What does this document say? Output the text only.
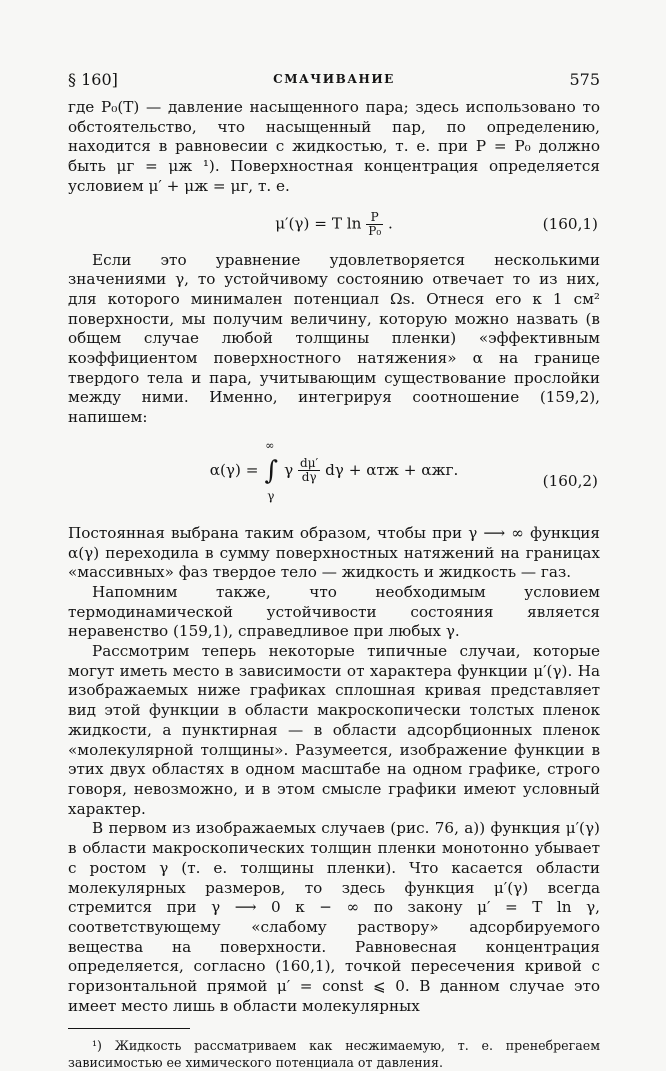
§ 160]	СМАЧИВАНИЕ	575

где P₀(T) — давление насыщенного пара; здесь использовано то обстоятельство, что насыщенный пар, по определению, находится в равновесии с жидкостью, т. е. при P = P₀ должно быть μг = μж ¹). Поверхностная концентрация определяется условием μ′ + μж = μг, т. е.

μ′(γ) = T $\ln \frac{P}{\text{P₀}}$ .	(160,1)

Если это уравнение удовлетворяется несколькими значениями γ, то устойчивому состоянию отвечает то из них, для которого минимален потенциал Ωs. Отнеся его к 1 см² поверхности, мы получим величину, которую можно назвать (в общем случае любой толщины пленки) «эффективным коэффициентом поверхностного натяжения» α на границе твердого тела и пара, учитывающим существование прослойки между ними. Именно, интегрируя соотношение (159,2), напишем:

α(γ) =
∞
∫
γ
γ $\frac{d\mu'}{d\gamma}$ dγ + αтж + αжг.
(160,2)

Постоянная выбрана таким образом, чтобы при γ ⟶ ∞ функция α(γ) переходила в сумму поверхностных натяжений на границах «массивных» фаз твердое тело — жидкость и жидкость — газ.

Напомним также, что необходимым условием термодинамической устойчивости состояния является неравенство (159,1), справедливое при любых γ.

Рассмотрим теперь некоторые типичные случаи, которые могут иметь место в зависимости от характера функции μ′(γ). На изображаемых ниже графиках сплошная кривая представляет вид этой функции в области макроскопически толстых пленок жидкости, а пунктирная — в области адсорбционных пленок «молекулярной толщины». Разумеется, изображение функции в этих двух областях в одном масштабе на одном графике, строго говоря, невозможно, и в этом смысле графики имеют условный характер.

В первом из изображаемых случаев (рис. 76, а)) функция μ′(γ) в области макроскопических толщин пленки монотонно убывает с ростом γ (т. е. толщины пленки). Что касается области молекулярных размеров, то здесь функция μ′(γ) всегда стремится при γ ⟶ 0 к − ∞ по закону μ′ = T ln γ, соответствующему «слабому раствору» адсорбируемого вещества на поверхности. Равновесная концентрация определяется, согласно (160,1), точкой пересечения кривой с горизонтальной прямой μ′ = const ⩽ 0. В данном случае это имеет место лишь в области молекулярных

¹) Жидкость рассматриваем как несжимаемую, т. е. пренебрегаем зависимостью ее химического потенциала от давления.
